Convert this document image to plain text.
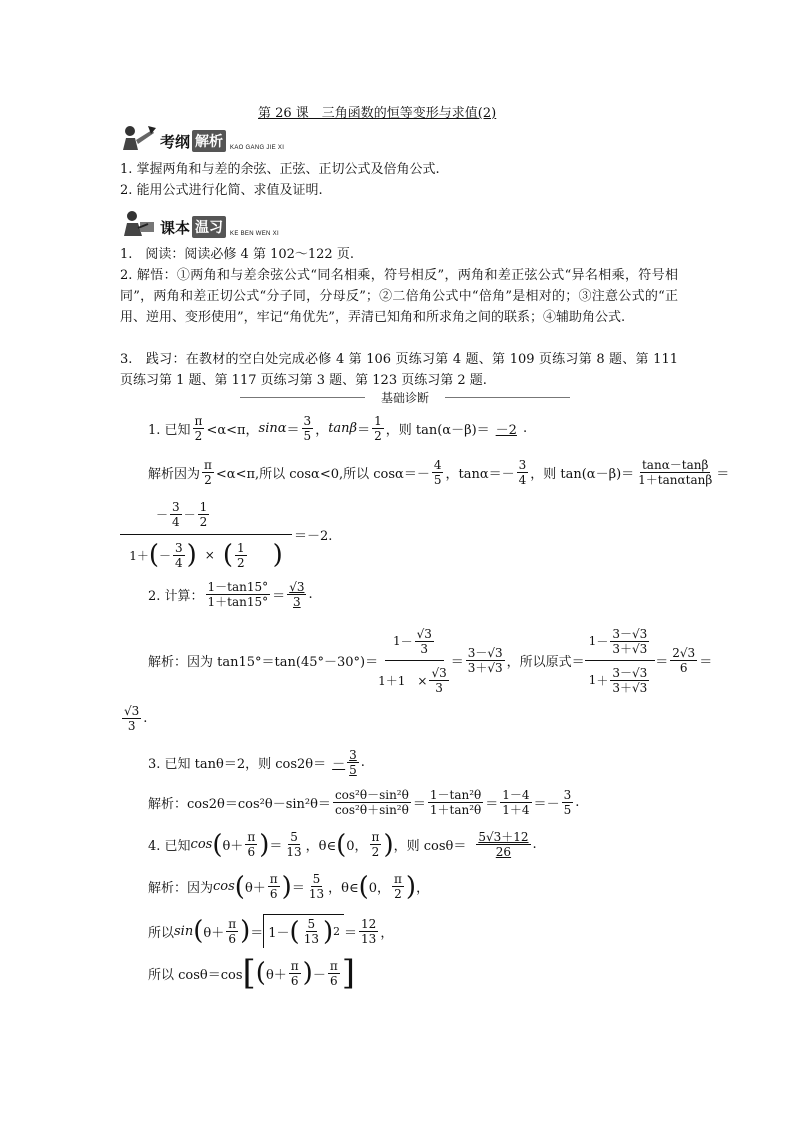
第 26 课　三角函数的恒等变形与求值(2)
考纲 解析	KAO GANG JIE XI
1. 掌握两角和与差的余弦、正弦、正切公式及倍角公式.
2. 能用公式进行化简、求值及证明.
课本 温习	KE BEN WEN XI
1.　阅读：阅读必修 4 第 102～122 页.
2. 解悟：①两角和与差余弦公式“同名相乘，符号相反”，两角和差正弦公式“异名相乘，符号相同”，两角和差正切公式“分子同，分母反”；②二倍角公式中“倍角”是相对的；③注意公式的“正用、逆用、变形使用”，牢记“角优先”，弄清已知角和所求角之间的联系；④辅助角公式.
3.　践习：在教材的空白处完成必修 4 第 106 页练习第 4 题、第 109 页练习第 8 题、第 111 页练习第 1 题、第 117 页练习第 3 题、第 123 页练习第 2 题.
基础诊断
1. 已知 $\frac{\pi}{2} <\alpha<\pi$， $\sin\alpha = \frac{3}{5}$ ， $\tan\beta = \frac{1}{2}$ ，则 tan(α－β)＝ －2 .
解析因为 $\frac{\pi}{2} <\alpha<\pi$,所以 cosα<0,所以 $\cos\alpha=- \frac{4}{5}$ ，$\tan\alpha=- \frac{3}{4}$ ，则 $\tan(\alpha-\beta)= \frac{\tan\alpha-\tan\beta}{1+\tan\alpha\tan\beta}$ ＝
－ $\frac{3}{4} - \frac{1}{2}$
1＋ ( － $\frac{3}{4}$ ) × ( $\frac{1}{2}$ )
＝－2.
2. 计算： $\frac{1-\tan 15^\circ}{1+\tan 15^\circ} = \frac{√3}{3}$ .
解析：因为 $\tan 15^\circ=\tan(45^\circ-30^\circ)= \frac{1 - \frac{√3}{3}}{1+1 \times \frac{√3}{3}} = \frac{3-√3}{3+√3}$ ，所以原式＝ $\frac{1 - \frac{3-√3}{3+√3}}{1 + \frac{3-√3}{3+√3}} = \frac{2√3}{6}$ ＝
$\frac{√3}{3}$ .
3. 已知 tanθ＝2，则 $\cos 2\theta= - \frac{3}{5}$ .
解析：$\cos 2\theta=\cos^2\theta-\sin^2\theta= \frac{\text{cos²θ－sin²θ}}{\text{cos²θ＋sin²θ}} = \frac{\text{1－tan²θ}}{\text{1＋tan²θ}} = \frac{1-4}{1+4}$ ＝ － $\frac{3}{5}$ .
4. 已知 cos ( $\theta+ \frac{\pi}{6}$ ) ＝ $\frac{5}{13}$ ，θ∈ ( 0， $\frac{\pi}{2}$ ) ，则 $\cos\theta= \frac{5√3+12}{26}$ .
解析：因为 cos ( $\theta+ \frac{\pi}{6}$ ) ＝ $\frac{5}{13}$ ，θ∈ ( 0， $\frac{\pi}{2}$ ) ，
所以 sin ( $\theta+ \frac{\pi}{6}$ ) ＝ 1－ ( $\frac{5}{13}$ ) $2 = \frac{12}{13}$ ，
所以 cosθ＝cos [ ( $\theta+ \frac{\pi}{6}$ ) － $\frac{\pi}{6}$ ]
